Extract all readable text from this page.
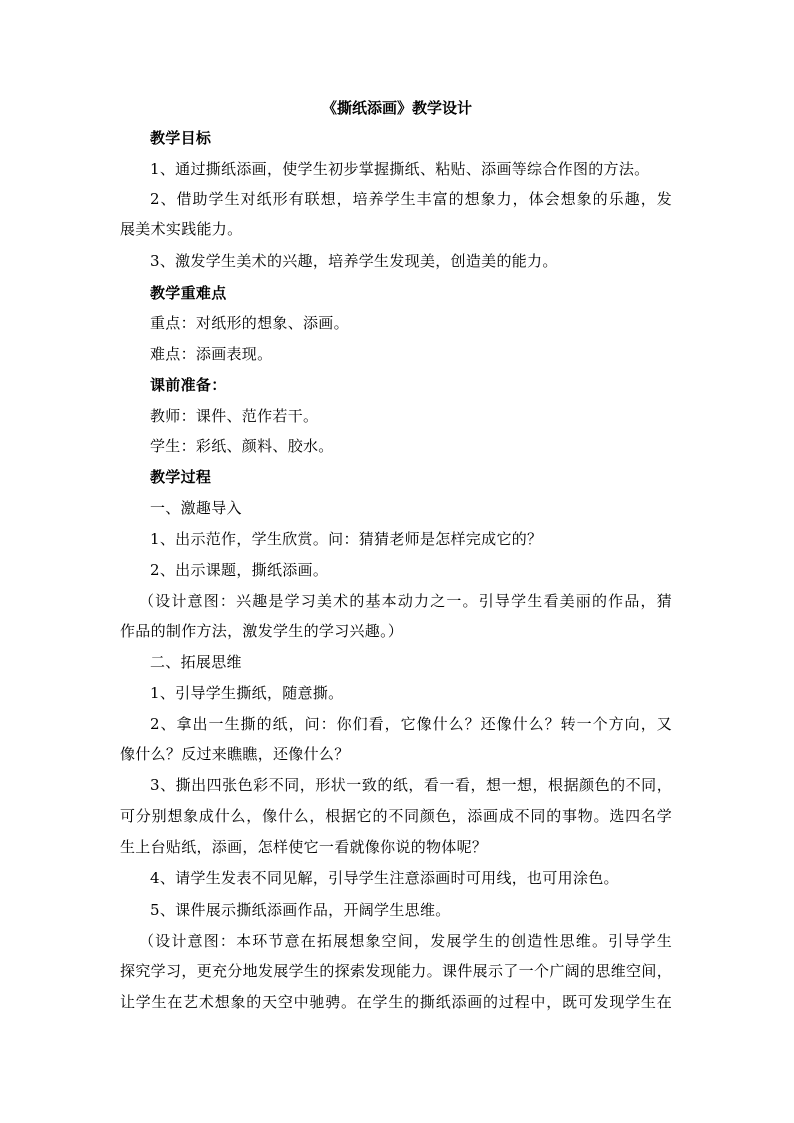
《撕纸添画》教学设计
教学目标
1、通过撕纸添画，使学生初步掌握撕纸、粘贴、添画等综合作图的方法。
2、借助学生对纸形有联想，培养学生丰富的想象力，体会想象的乐趣，发
展美术实践能力。
3、激发学生美术的兴趣，培养学生发现美，创造美的能力。
教学重难点
重点：对纸形的想象、添画。
难点：添画表现。
课前准备：
教师：课件、范作若干。
学生：彩纸、颜料、胶水。
教学过程
一、激趣导入
1、出示范作，学生欣赏。问：猜猜老师是怎样完成它的？
2、出示课题，撕纸添画。
（设计意图：兴趣是学习美术的基本动力之一。引导学生看美丽的作品，猜
作品的制作方法，激发学生的学习兴趣。）
二、拓展思维
1、引导学生撕纸，随意撕。
2、拿出一生撕的纸，问：你们看，它像什么？还像什么？转一个方向，又
像什么？反过来瞧瞧，还像什么？
3、撕出四张色彩不同，形状一致的纸，看一看，想一想，根据颜色的不同，
可分别想象成什么，像什么，根据它的不同颜色，添画成不同的事物。选四名学
生上台贴纸，添画，怎样使它一看就像你说的物体呢？
4、请学生发表不同见解，引导学生注意添画时可用线，也可用涂色。
5、课件展示撕纸添画作品，开阔学生思维。
（设计意图：本环节意在拓展想象空间，发展学生的创造性思维。引导学生
探究学习，更充分地发展学生的探索发现能力。课件展示了一个广阔的思维空间，
让学生在艺术想象的天空中驰骋。在学生的撕纸添画的过程中，既可发现学生在
